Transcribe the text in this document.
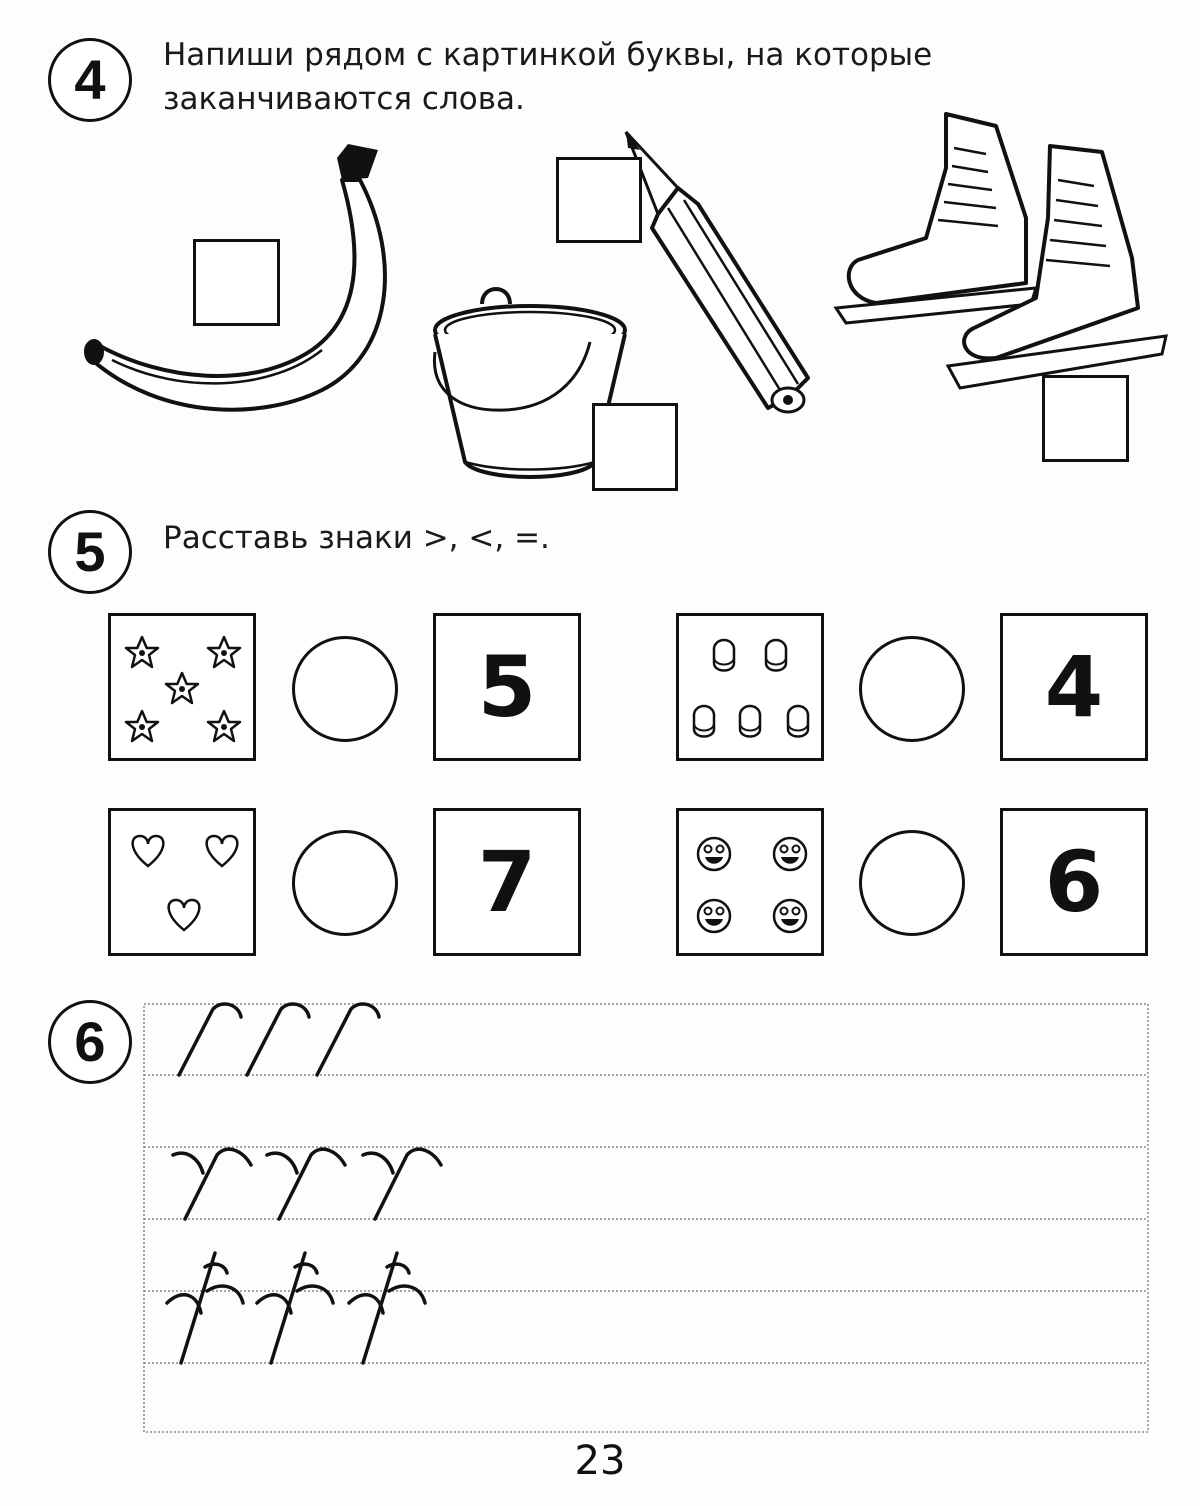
4	Напиши рядом с картинкой буквы, на которые
заканчиваются слова.
5	Расставь знаки >, <, =.
5	4
7	6
6
23
